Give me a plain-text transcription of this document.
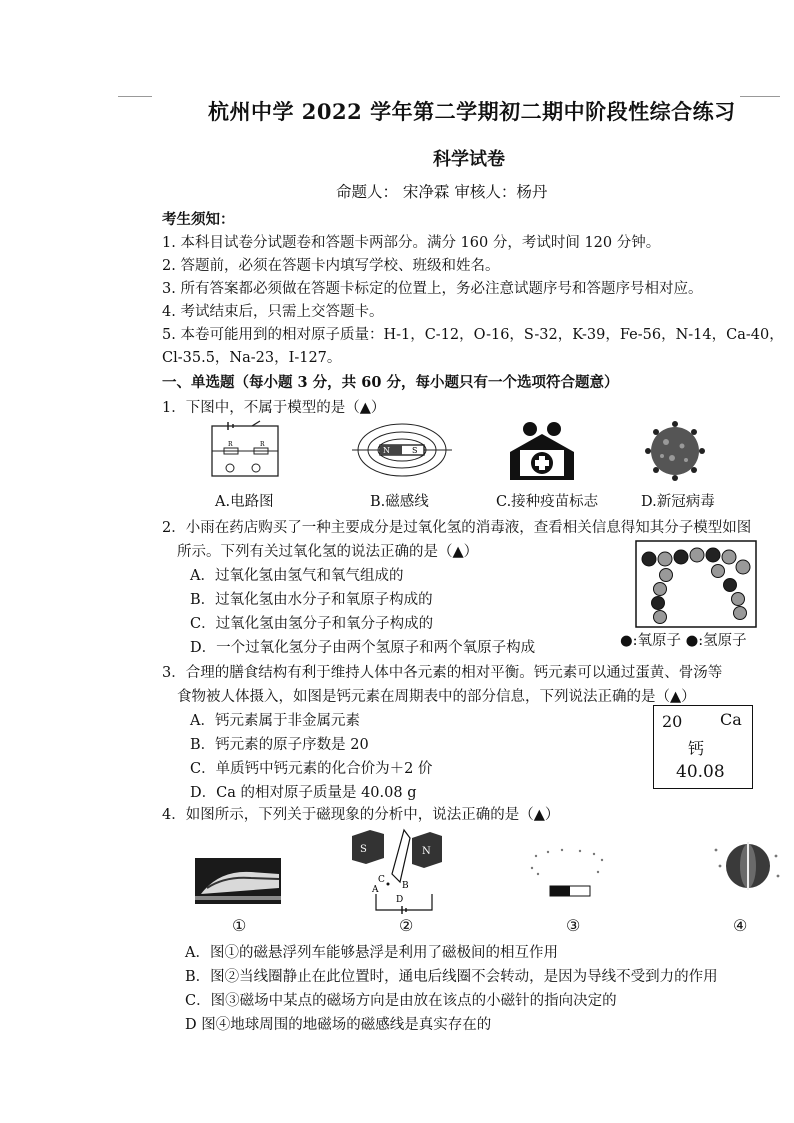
杭州中学 2022 学年第二学期初二期中阶段性综合练习
科学试卷
命题人： 宋净霖 审核人：杨丹
考生须知：
1. 本科目试卷分试题卷和答题卡两部分。满分 160 分，考试时间 120 分钟。
2. 答题前，必须在答题卡内填写学校、班级和姓名。
3. 所有答案都必须做在答题卡标定的位置上，务必注意试题序号和答题序号相对应。
4. 考试结束后，只需上交答题卡。
5. 本卷可能用到的相对原子质量：H-1，C-12，O-16，S-32，K-39，Fe-56，N-14，Ca-40，
Cl-35.5，Na-23，I-127。
一、单选题（每小题 3 分，共 60 分，每小题只有一个选项符合题意）
1．下图中，不属于模型的是（▲）
R	R
N	S
A.电路图	B.磁感线	C.接种疫苗标志	D.新冠病毒
2．小雨在药店购买了一种主要成分是过氧化氢的消毒液，查看相关信息得知其分子模型如图
所示。下列有关过氧化氢的说法正确的是（▲）
A．过氧化氢由氢气和氧气组成的
B．过氧化氢由水分子和氧原子构成的
C．过氧化氢由氢分子和氧分子构成的
D．一个过氧化氢分子由两个氢原子和两个氧原子构成	●:氧原子 ●:氢原子
3．合理的膳食结构有利于维持人体中各元素的相对平衡。钙元素可以通过蛋黄、骨汤等
食物被人体摄入，如图是钙元素在周期表中的部分信息，下列说法正确的是（▲）
A．钙元素属于非金属元素
B．钙元素的原子序数是 20
C．单质钙中钙元素的化合价为＋2 价
D．Ca 的相对原子质量是 40.08 g
20 Ca
钙
40.08
4．如图所示，下列关于磁现象的分析中，说法正确的是（▲）
S	N
C
B
A
D
①	②	③	④
A．图①的磁悬浮列车能够悬浮是利用了磁极间的相互作用
B．图②当线圈静止在此位置时，通电后线圈不会转动，是因为导线不受到力的作用
C．图③磁场中某点的磁场方向是由放在该点的小磁针的指向决定的
D 图④地球周围的地磁场的磁感线是真实存在的
